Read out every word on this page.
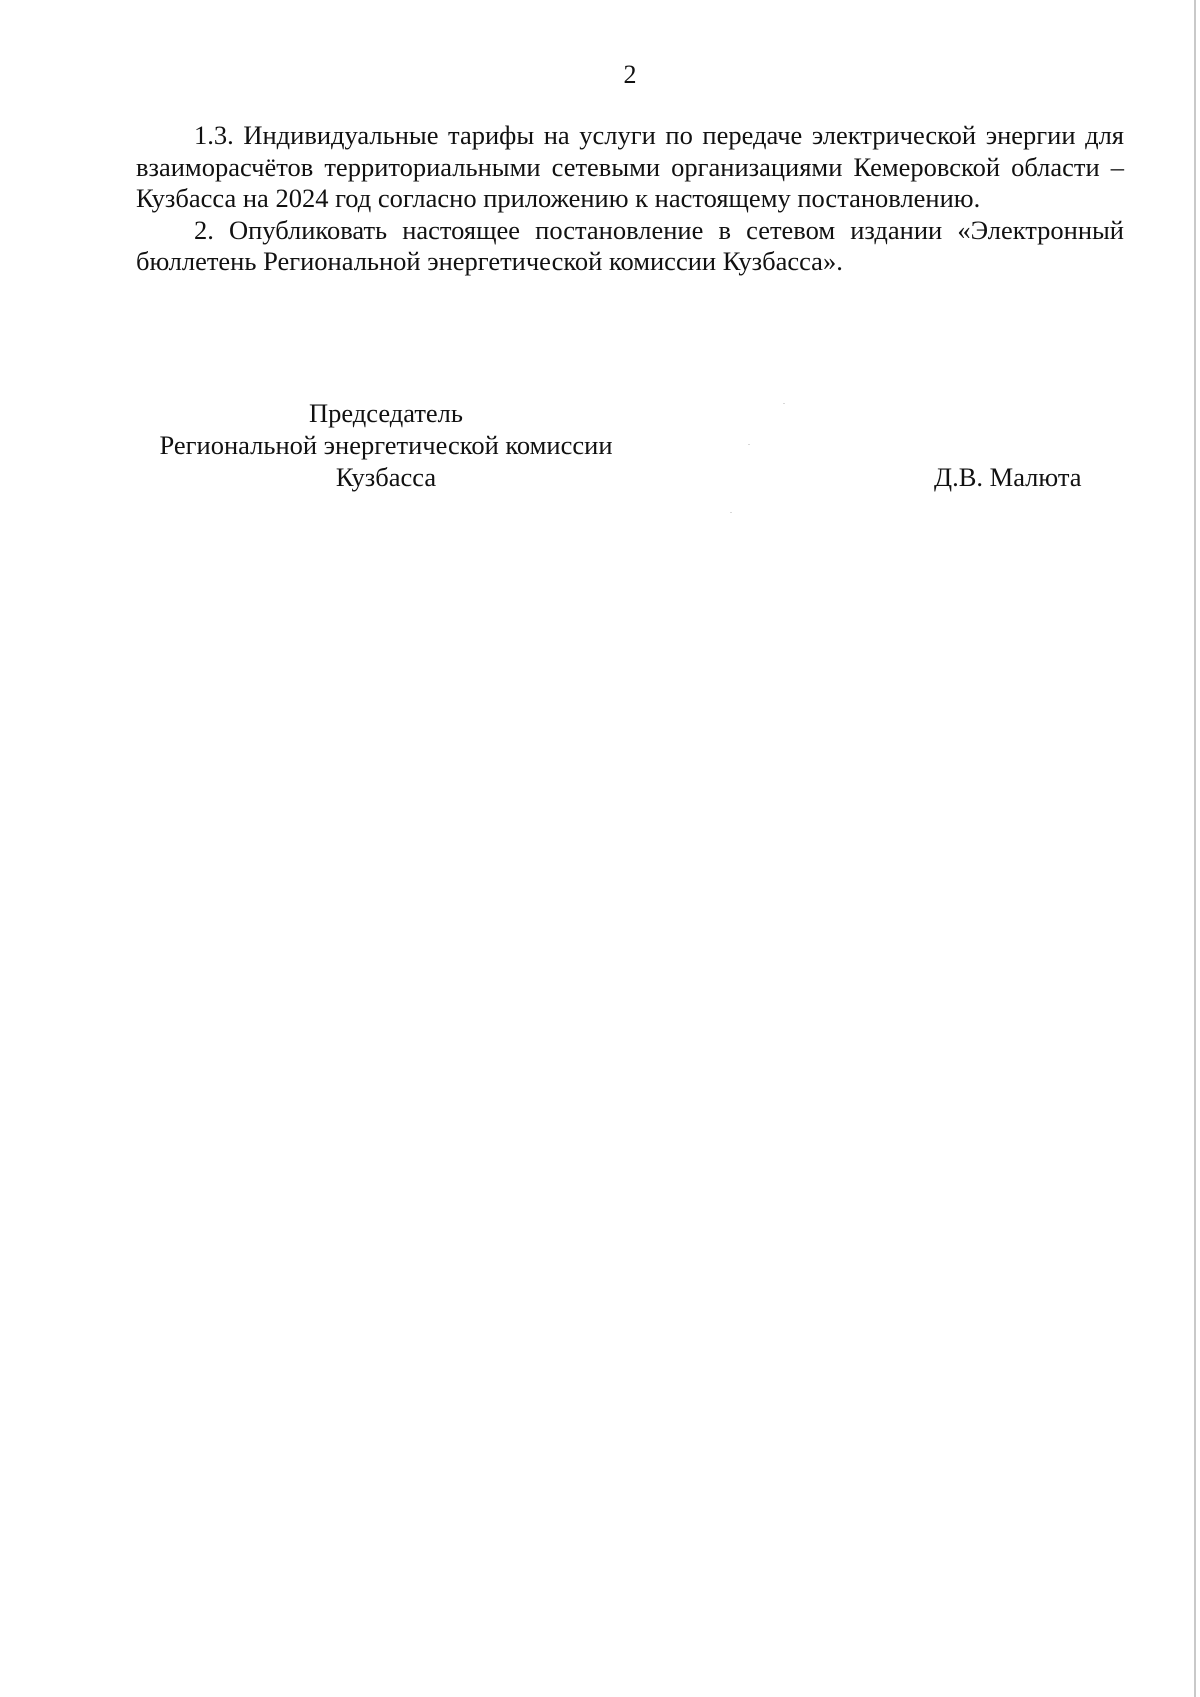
2

1.3. Индивидуальные тарифы на услуги по передаче электрической энергии для взаиморасчётов территориальными сетевыми организациями Кемеровской области – Кузбасса на 2024 год согласно приложению к настоящему постановлению.

2. Опубликовать настоящее постановление в сетевом издании «Электронный бюллетень Региональной энергетической комиссии Кузбасса».

Председатель
Региональной энергетической комиссии
Кузбасса	Д.В. Малюта
